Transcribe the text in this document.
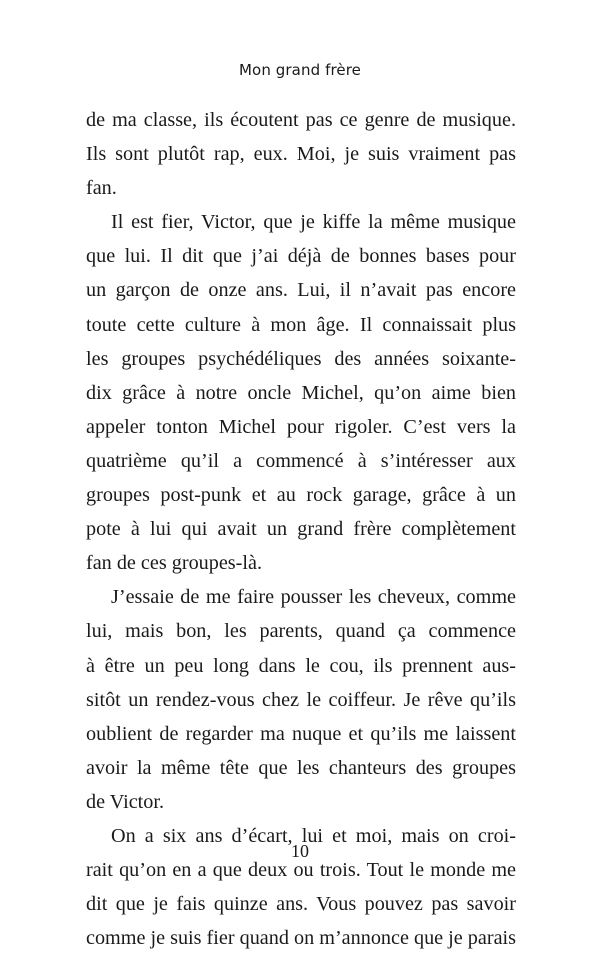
Mon grand frère
de ma classe, ils écoutent pas ce genre de musique.
Ils sont plutôt rap, eux. Moi, je suis vraiment pas
fan.
Il est fier, Victor, que je kiffe la même musique
que lui. Il dit que j’ai déjà de bonnes bases pour
un garçon de onze ans. Lui, il n’avait pas encore
toute cette culture à mon âge. Il connaissait plus
les groupes psychédéliques des années soixante-
dix grâce à notre oncle Michel, qu’on aime bien
appeler tonton Michel pour rigoler. C’est vers la
quatrième qu’il a commencé à s’intéresser aux
groupes post-punk et au rock garage, grâce à un
pote à lui qui avait un grand frère complètement
fan de ces groupes-là.
J’essaie de me faire pousser les cheveux, comme
lui, mais bon, les parents, quand ça commence
à être un peu long dans le cou, ils prennent aus-
sitôt un rendez-vous chez le coiffeur. Je rêve qu’ils
oublient de regarder ma nuque et qu’ils me laissent
avoir la même tête que les chanteurs des groupes
de Victor.
On a six ans d’écart, lui et moi, mais on croi-
rait qu’on en a que deux ou trois. Tout le monde me
dit que je fais quinze ans. Vous pouvez pas savoir
comme je suis fier quand on m’annonce que je parais
10
